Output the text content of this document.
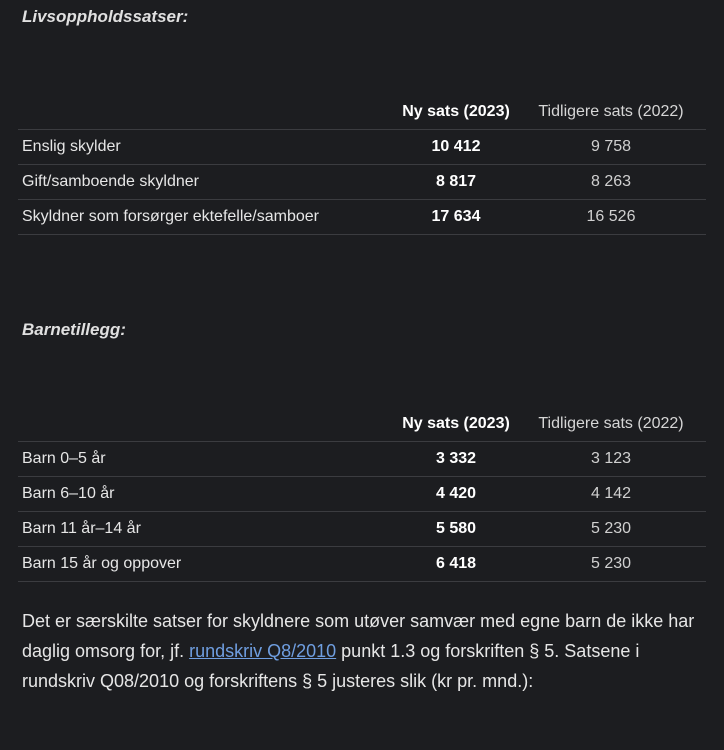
Livsoppholdssatser:
	Ny sats (2023)	Tidligere sats (2022)
Enslig skylder	10 412	9 758
Gift/samboende skyldner	8 817	8 263
Skyldner som forsørger ektefelle/samboer	17 634	16 526
Barnetillegg:
	Ny sats (2023)	Tidligere sats (2022)
Barn 0–5 år	3 332	3 123
Barn 6–10 år	4 420	4 142
Barn 11 år–14 år	5 580	5 230
Barn 15 år og oppover	6 418	5 230

Det er særskilte satser for skyldnere som utøver samvær med egne barn de ikke har daglig omsorg for, jf. rundskriv Q8/2010 punkt 1.3 og forskriften § 5. Satsene i rundskriv Q08/2010 og forskriftens § 5 justeres slik (kr pr. mnd.):
